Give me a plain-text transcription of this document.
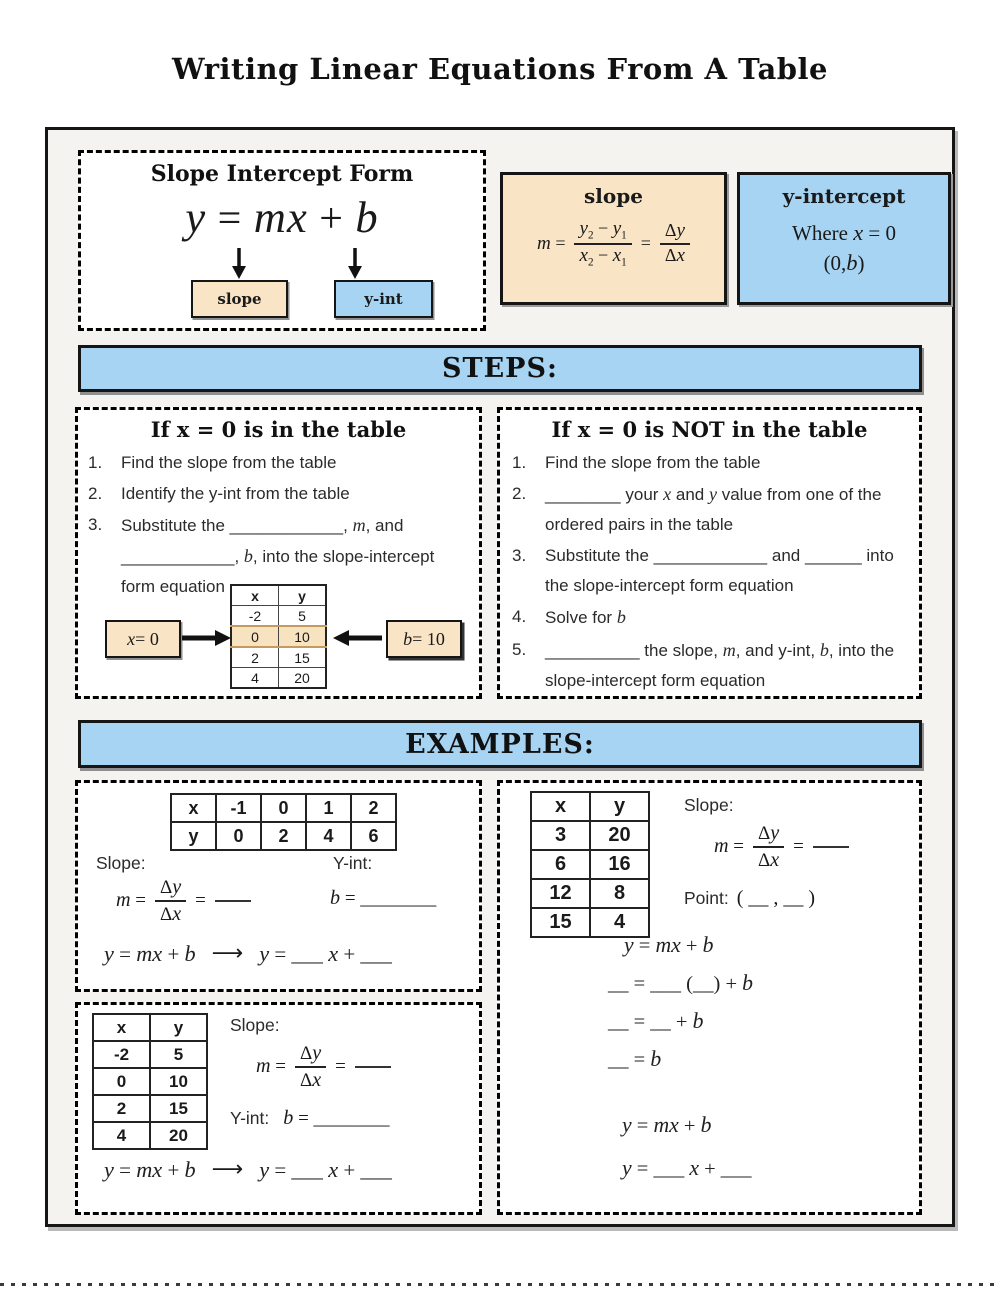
Writing Linear Equations From A Table
Slope Intercept Form
y = mx + b
slope	y-int
slope
$m = \frac{y_2 - y_1}{x_2 - x_1} = \frac{\Delta y}{\Delta x}$
y-intercept
Where x = 0
(0,b)
STEPS:
If x = 0 is in the table
1.	Find the slope from the table
2.	Identify the y-int from the table
3.	Substitute the ____________, m, and ____________, b, into the slope-intercept form equation
x = 0
x	y
-2	5
0	10
2	15
4	20
b = 10
If x = 0 is NOT in the table
1.	Find the slope from the table
2.	________ your x and y value from one of the ordered pairs in the table
3.	Substitute the ____________ and ______ into the slope-intercept form equation
4.	Solve for b
5.	__________ the slope, m, and y-int, b, into the slope-intercept form equation
EXAMPLES:
x	-1	0	1	2
y	0	2	4	6
Slope:	Y-int:
$m = \frac{\Delta y}{\Delta x}$ =	b = ________
y = mx + b ⟶ y = ___ x + ___
x	y
-2	5
0	10
2	15
4	20
Slope:
$m = \frac{\Delta y}{\Delta x}$ =
Y-int: b = ________
y = mx + b ⟶ y = ___ x + ___
x	y
3	20
6	16
12	8
15	4
Slope:
$m = \frac{\Delta y}{\Delta x}$ =
Point: ( __ , __ )
y = mx + b
__ = ___ (__) + b
__ = __ + b
__ = b
y = mx + b
y = ___ x + ___
